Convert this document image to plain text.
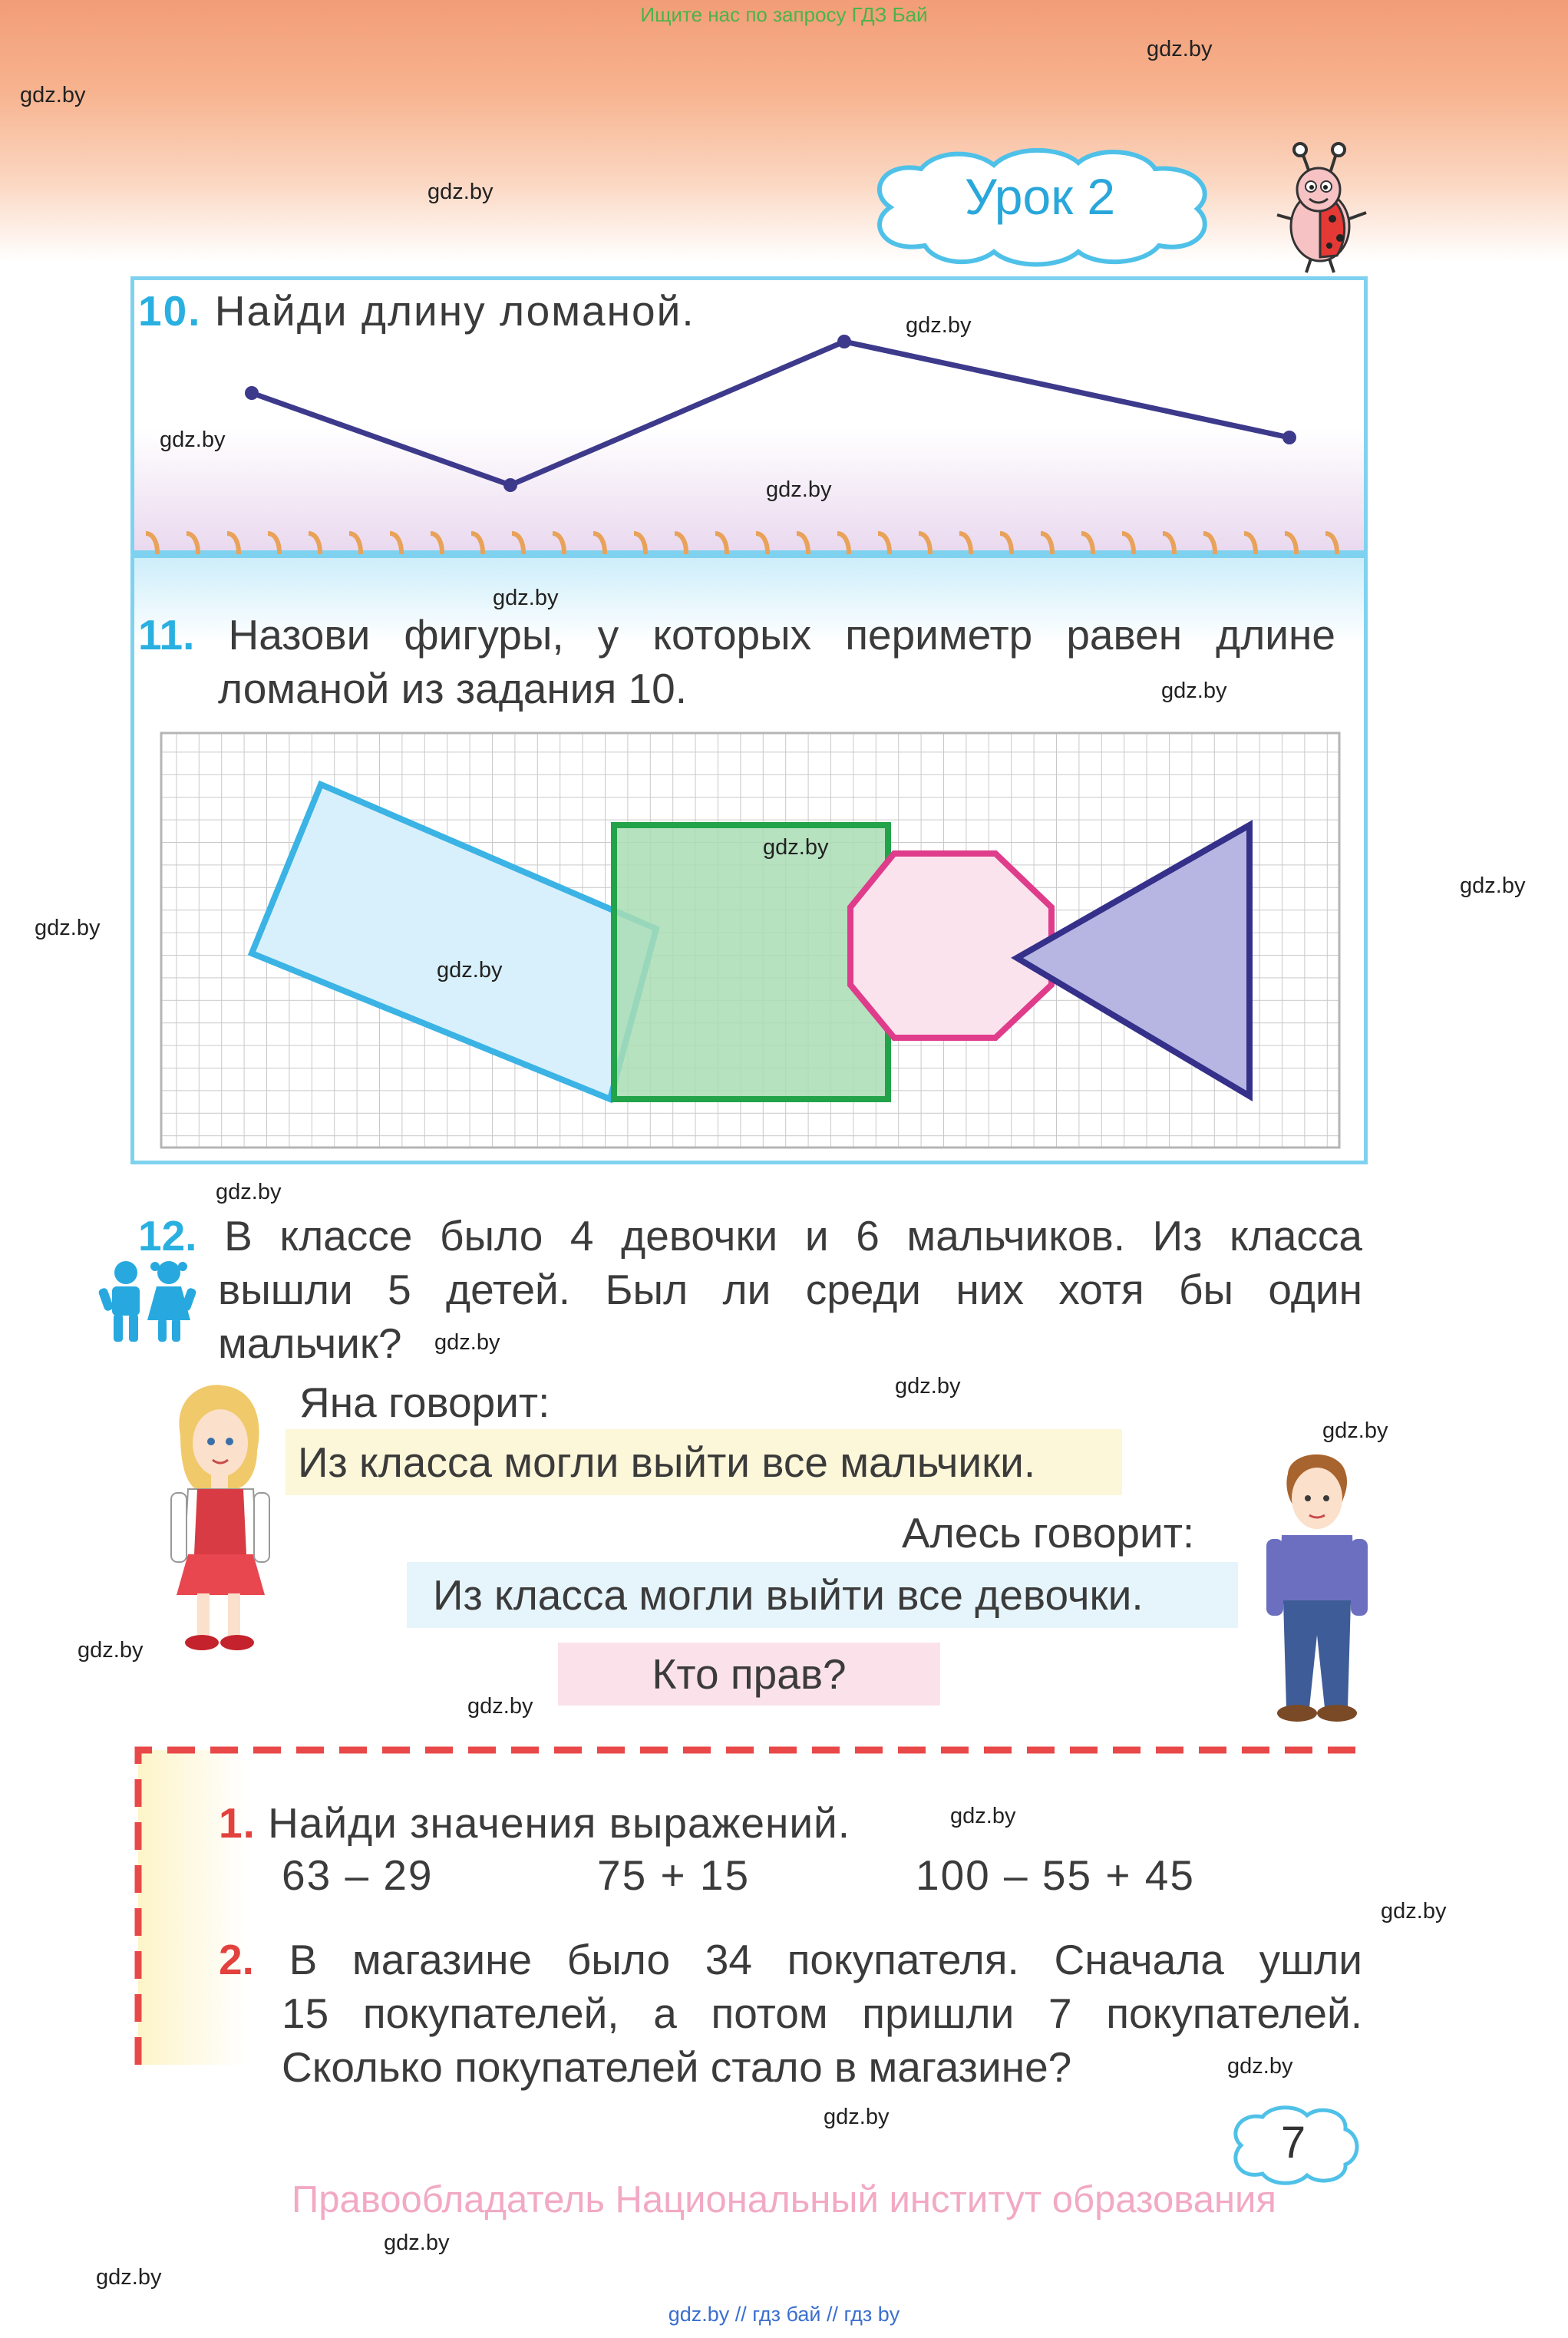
Ищите нас по запросу ГДЗ Бай
Урок 2
10. Найди длину ломаной.
11. Назови фигуры, у которых периметр равен длине
ломаной из задания 10.
12. В классе было 4 девочки и 6 мальчиков. Из класса
вышли 5 детей. Был ли среди них хотя бы один
мальчик?
Яна говорит:
Из класса могли выйти все мальчики.
Алесь говорит:
Из класса могли выйти все девочки.
Кто прав?
1. Найди значения выражений.
63 – 29	75 + 15	100 – 55 + 45
2. В магазине было 34 покупателя. Сначала ушли
15 покупателей, а потом пришли 7 покупателей.
Сколько покупателей стало в магазине?
7
Правообладатель Национальный институт образования
gdz.by // гдз бай // гдз by
gdz.by
gdz.by
gdz.by
gdz.by
gdz.by
gdz.by
gdz.by
gdz.by
gdz.by
gdz.by
gdz.by
gdz.by
gdz.by
gdz.by
gdz.by
gdz.by
gdz.by
gdz.by
gdz.by
gdz.by
gdz.by
gdz.by
gdz.by
gdz.by
